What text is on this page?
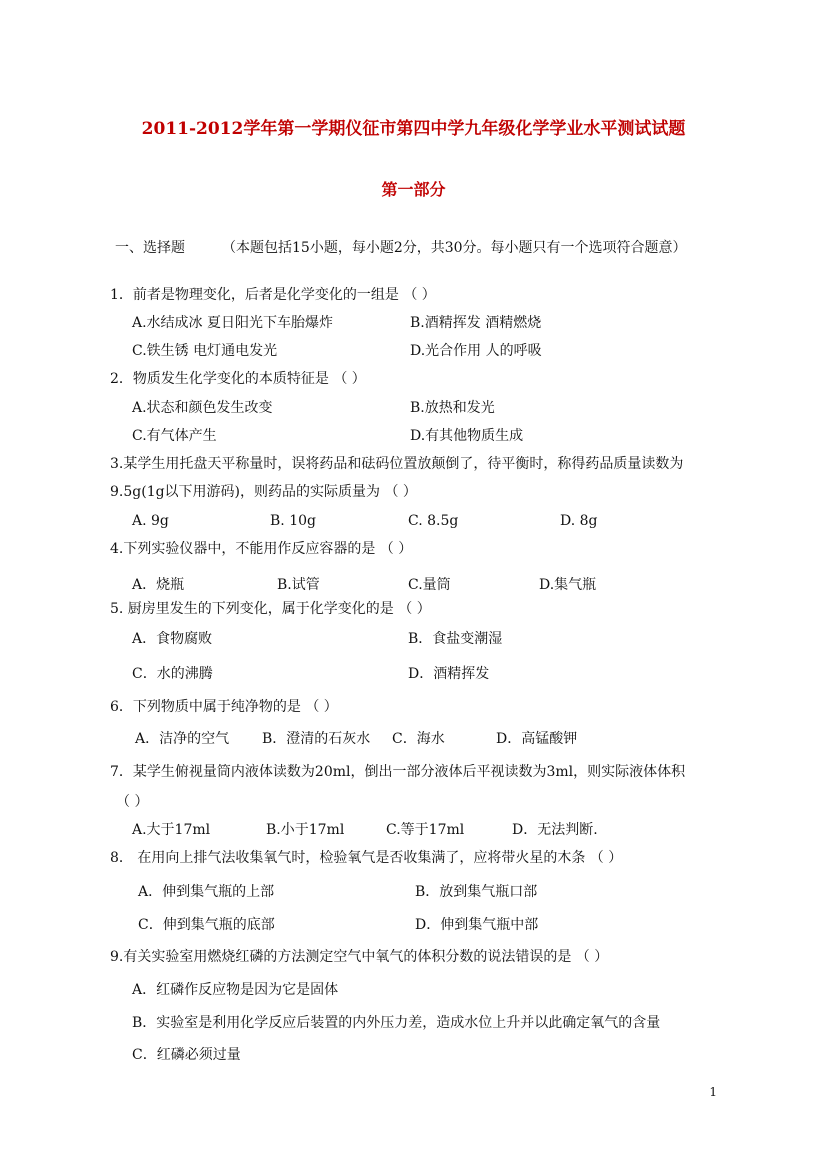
2011-2012学年第一学期仪征市第四中学九年级化学学业水平测试试题
第一部分
一、选择题	（本题包括15小题，每小题2分，共30分。每小题只有一个选项符合题意）
1．前者是物理变化，后者是化学变化的一组是 （ ）
A.水结成冰 夏日阳光下车胎爆炸	B.酒精挥发 酒精燃烧
C.铁生锈 电灯通电发光	D.光合作用 人的呼吸
2．物质发生化学变化的本质特征是 （ ）
A.状态和颜色发生改变	B.放热和发光
C.有气体产生	D.有其他物质生成
3.某学生用托盘天平称量时，误将药品和砝码位置放颠倒了，待平衡时，称得药品质量读数为
9.5g(1g以下用游码)，则药品的实际质量为 （ ）
A. 9g	B. 10g	C. 8.5g	D. 8g
4.下列实验仪器中，不能用作反应容器的是 （ ）
A．烧瓶	B.试管	C.量筒	D.集气瓶
5. 厨房里发生的下列变化，属于化学变化的是 （ ）
A．食物腐败	B．食盐变潮湿
C．水的沸腾	D．酒精挥发
6．下列物质中属于纯净物的是 （ ）
A．洁净的空气 B．澄清的石灰水 C．海水	D．高锰酸钾
7．某学生俯视量筒内液体读数为20ml，倒出一部分液体后平视读数为3ml，则实际液体体积
（ ）
A.大于17ml	B.小于17ml	C.等于17ml	D．无法判断.
8． 在用向上排气法收集氧气时，检验氧气是否收集满了，应将带火星的木条 （ ）
A．伸到集气瓶的上部	B．放到集气瓶口部
C．伸到集气瓶的底部	D．伸到集气瓶中部
9.有关实验室用燃烧红磷的方法测定空气中氧气的体积分数的说法错误的是 （ ）
A．红磷作反应物是因为它是固体
B．实验室是利用化学反应后装置的内外压力差，造成水位上升并以此确定氧气的含量
C．红磷必须过量
1
